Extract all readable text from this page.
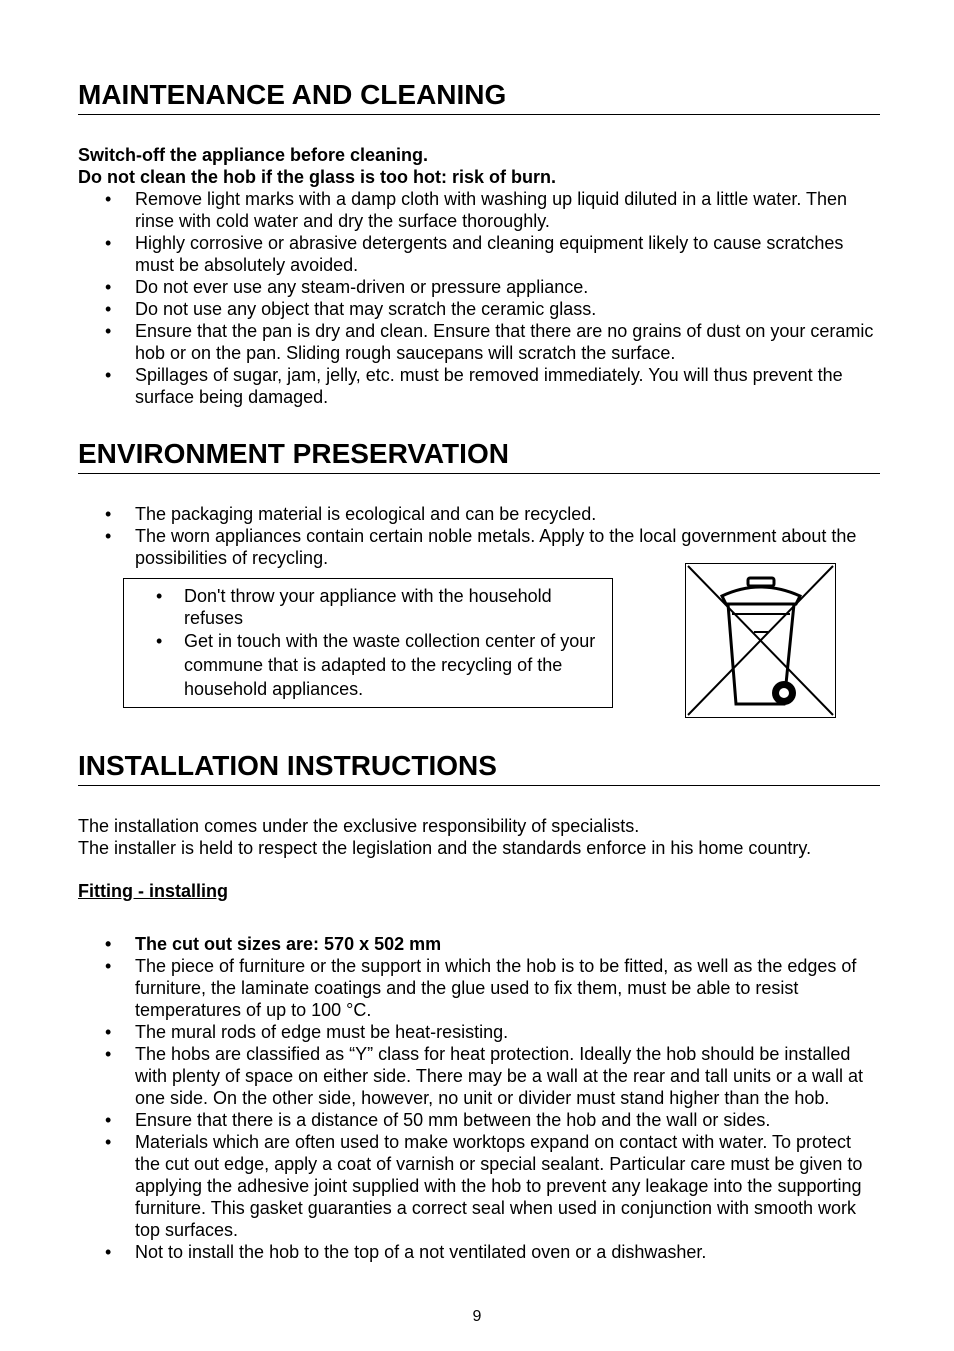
MAINTENANCE AND CLEANING
Switch-off the appliance before cleaning.
Do not clean the hob if the glass is too hot: risk of burn.
• Remove light marks with a damp cloth with washing up liquid diluted in a little water. Then rinse with cold water and dry the surface thoroughly.
• Highly corrosive or abrasive detergents and cleaning equipment likely to cause scratches must be absolutely avoided.
• Do not ever use any steam-driven or pressure appliance.
• Do not use any object that may scratch the ceramic glass.
• Ensure that the pan is dry and clean. Ensure that there are no grains of dust on your ceramic hob or on the pan. Sliding rough saucepans will scratch the surface.
• Spillages of sugar, jam, jelly, etc. must be removed immediately. You will thus prevent the surface being damaged.
ENVIRONMENT PRESERVATION
• The packaging material is ecological and can be recycled.
• The worn appliances contain certain noble metals. Apply to the local government about the possibilities of recycling.
• Don't throw your appliance with the household refuses
• Get in touch with the waste collection center of your commune that is adapted to the recycling of the household appliances.
INSTALLATION INSTRUCTIONS
The installation comes under the exclusive responsibility of specialists.
The installer is held to respect the legislation and the standards enforce in his home country.
Fitting - installing
• The cut out sizes are: 570 x 502 mm
• The piece of furniture or the support in which the hob is to be fitted, as well as the edges of furniture, the laminate coatings and the glue used to fix them, must be able to resist temperatures of up to 100 °C.
• The mural rods of edge must be heat-resisting.
• The hobs are classified as “Y” class for heat protection. Ideally the hob should be installed with plenty of space on either side. There may be a wall at the rear and tall units or a wall at one side. On the other side, however, no unit or divider must stand higher than the hob.
• Ensure that there is a distance of 50 mm between the hob and the wall or sides.
• Materials which are often used to make worktops expand on contact with water. To protect the cut out edge, apply a coat of varnish or special sealant. Particular care must be given to applying the adhesive joint supplied with the hob to prevent any leakage into the supporting furniture. This gasket guaranties a correct seal when used in conjunction with smooth work top surfaces.
• Not to install the hob to the top of a not ventilated oven or a dishwasher.
9
